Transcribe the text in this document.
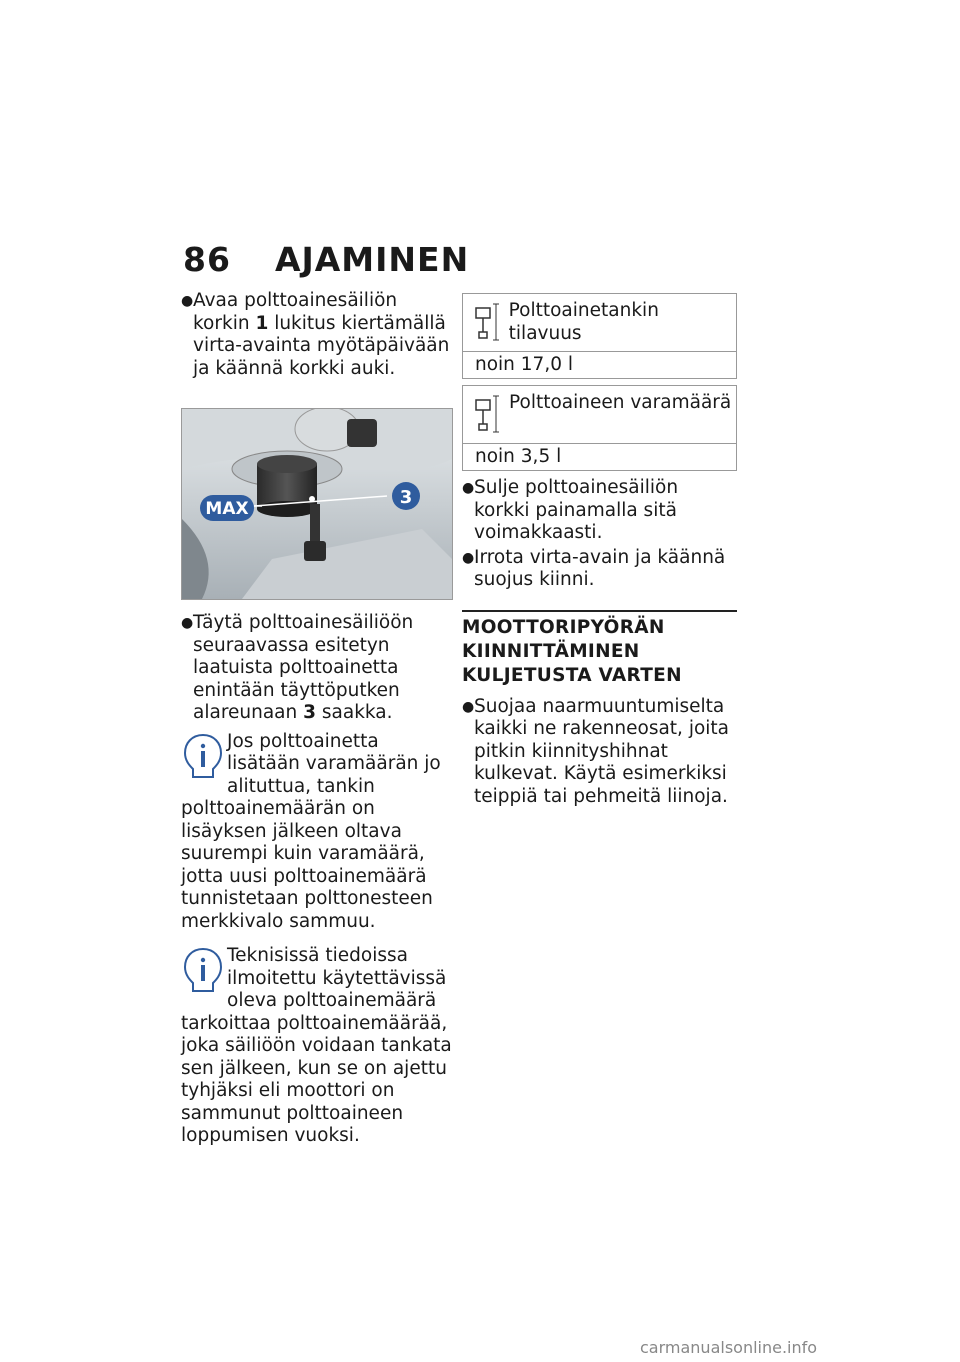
86 AJAMINEN
● Avaa polttoainesäiliön korkin 1 lukitus kiertämällä virta-avainta myötäpäivään ja käännä korkki auki.
MAX
3
● Täytä polttoainesäiliöön seuraavassa esitetyn laatuista polttoainetta enintään täyttöputken alareunaan 3 saakka.
Jos polttoainetta lisätään varamäärän jo alituttua, tankin polttoainemäärän on lisäyksen jälkeen oltava suurempi kuin varamäärä, jotta uusi polttoainemäärä tunnistetaan polttonesteen merkkivalo sammuu.
Teknisissä tiedoissa ilmoitettu käytettävissä oleva polttoainemäärä tarkoittaa polttoainemäärää, joka säiliöön voidaan tankata sen jälkeen, kun se on ajettu tyhjäksi eli moottori on sammunut polttoaineen loppumisen vuoksi.
Polttoainetankin tilavuus
noin 17,0 l
Polttoaineen varamäärä
noin 3,5 l
● Sulje polttoainesäiliön korkki painamalla sitä voimakkaasti.
● Irrota virta-avain ja käännä suojus kiinni.
MOOTTORIPYÖRÄN KIINNITTÄMINEN KULJETUSTA VARTEN
● Suojaa naarmuuntumiselta kaikki ne rakenneosat, joita pitkin kiinnityshihnat kulkevat. Käytä esimerkiksi teippiä tai pehmeitä liinoja.
carmanualsonline.info
